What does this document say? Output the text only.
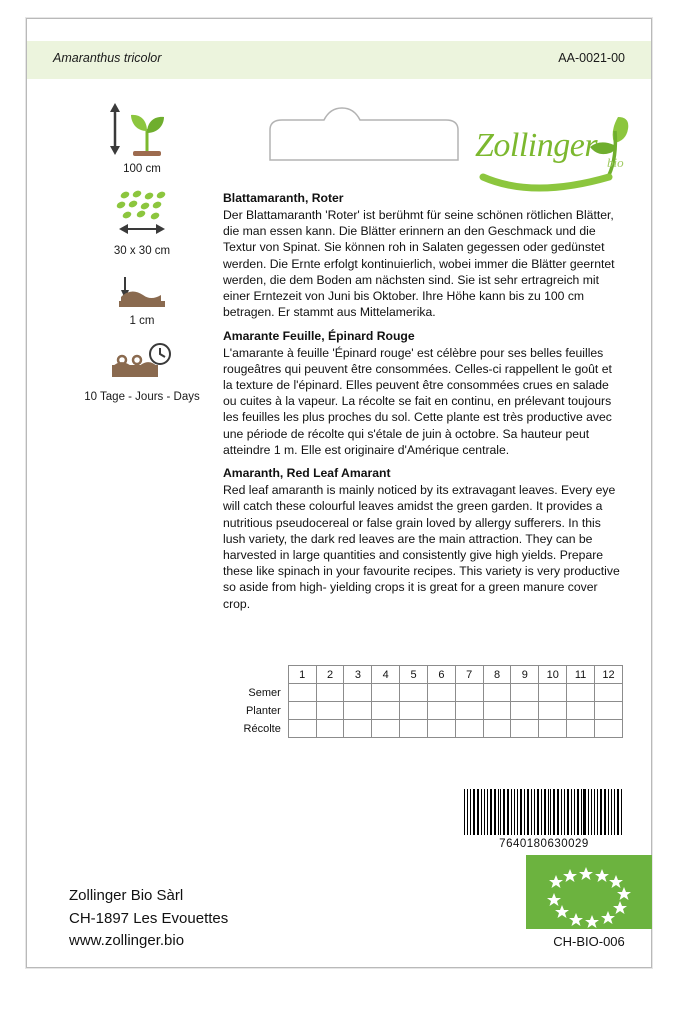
Amaranthus tricolor	AA-0021-00
100 cm
30 x 30 cm
1 cm
10 Tage - Jours - Days
Zollinger bio
Blattamaranth, Roter

Der Blattamaranth 'Roter' ist berühmt für seine schönen rötlichen Blätter, die man essen kann. Die Blätter erinnern an den Geschmack und die Textur von Spinat. Sie können roh in Salaten gegessen oder gedünstet werden. Die Ernte erfolgt kontinuierlich, wobei immer die Blätter geerntet werden, die dem Boden am nächsten sind. Sie ist sehr ertragreich mit einer Erntezeit von Juni bis Oktober. Ihre Höhe kann bis zu 100 cm betragen. Er stammt aus Mittelamerika.

Amarante Feuille, Épinard Rouge

L'amarante à feuille 'Épinard rouge' est célèbre pour ses belles feuilles rougeâtres qui peuvent être consommées. Celles-ci rappellent le goût et la texture de l'épinard. Elles peuvent être consommées crues en salade ou cuites à la vapeur. La récolte se fait en continu, en prélevant toujours les feuilles les plus proches du sol. Cette plante est très productive avec une période de récolte qui s'étale de juin à octobre. Sa hauteur peut atteindre 1 m. Elle est originaire d'Amérique centrale.

Amaranth, Red Leaf Amarant

Red leaf amaranth is mainly noticed by its extravagant leaves. Every eye will catch these colourful leaves amidst the green garden. It provides a nutritious pseudocereal or false grain loved by allergy sufferers. In this lush variety, the dark red leaves are the main attraction. They can be harvested in large quantities and consistently give high yields. Prepare these like spinach in your favourite recipes. This variety is very productive so aside from high- yielding crops it is great for a green manure cover crop.

	1	2	3	4	5	6	7	8	9	10	11	12
Semer												
Planter												
Récolte												
7640180630029
CH-BIO-006
Zollinger Bio Sàrl
CH-1897 Les Evouettes
www.zollinger.bio
